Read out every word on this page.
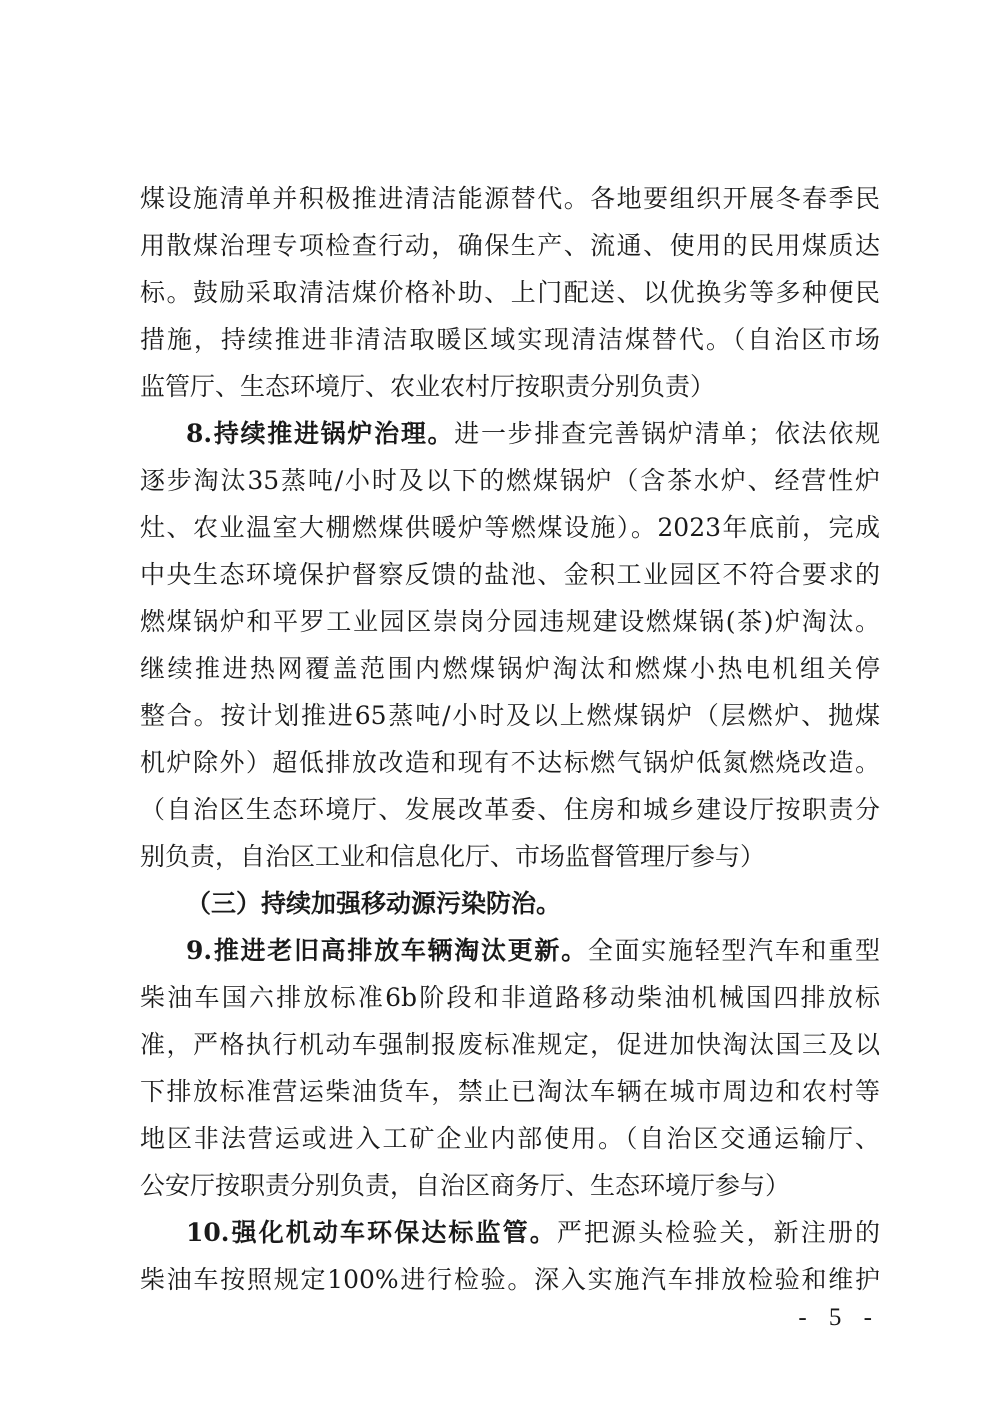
煤设施清单并积极推进清洁能源替代。各地要组织开展冬春季民
用散煤治理专项检查行动，确保生产、流通、使用的民用煤质达
标。鼓励采取清洁煤价格补助、上门配送、以优换劣等多种便民
措施，持续推进非清洁取暖区域实现清洁煤替代。（自治区市场
监管厅、生态环境厅、农业农村厅按职责分别负责）
8.持续推进锅炉治理。进一步排查完善锅炉清单；依法依规
逐步淘汰35蒸吨/小时及以下的燃煤锅炉（含茶水炉、经营性炉
灶、农业温室大棚燃煤供暖炉等燃煤设施）。2023年底前，完成
中央生态环境保护督察反馈的盐池、金积工业园区不符合要求的
燃煤锅炉和平罗工业园区崇岗分园违规建设燃煤锅(茶)炉淘汰。
继续推进热网覆盖范围内燃煤锅炉淘汰和燃煤小热电机组关停
整合。按计划推进65蒸吨/小时及以上燃煤锅炉（层燃炉、抛煤
机炉除外）超低排放改造和现有不达标燃气锅炉低氮燃烧改造。
（自治区生态环境厅、发展改革委、住房和城乡建设厅按职责分
别负责，自治区工业和信息化厅、市场监督管理厅参与）
（三）持续加强移动源污染防治。
9.推进老旧高排放车辆淘汰更新。全面实施轻型汽车和重型
柴油车国六排放标准6b阶段和非道路移动柴油机械国四排放标
准，严格执行机动车强制报废标准规定，促进加快淘汰国三及以
下排放标准营运柴油货车，禁止已淘汰车辆在城市周边和农村等
地区非法营运或进入工矿企业内部使用。（自治区交通运输厅、
公安厅按职责分别负责，自治区商务厅、生态环境厅参与）
10.强化机动车环保达标监管。严把源头检验关，新注册的
柴油车按照规定100%进行检验。深入实施汽车排放检验和维护
- 5 -
